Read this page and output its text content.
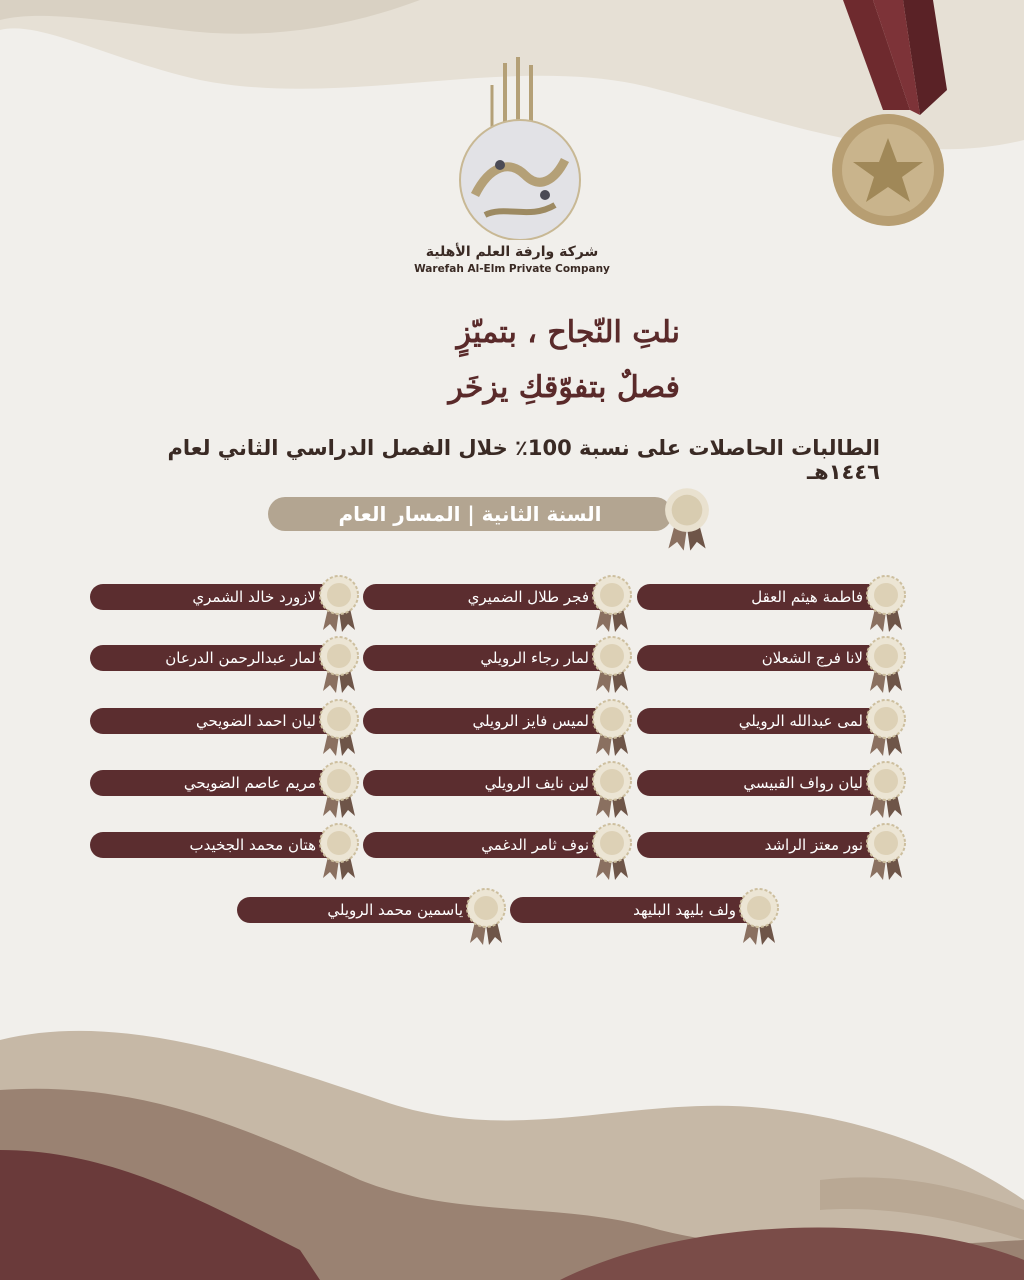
شركة وارفة العلم الأهلية
Warefah Al-Elm Private Company
نلتِ النّجاح ، بتميّزٍ
فصلٌ بتفوّقكِ يزخَر
الطالبات الحاصلات على نسبة 100٪ خلال الفصل الدراسي الثاني لعام ١٤٤٦هـ
السنة الثانية | المسار العام
فاطمة هيثم العقل
لانا فرج الشعلان
لمى عبدالله الرويلي
ليان رواف القبيسي
نور معتز الراشد
فجر طلال الضميري
لمار رجاء الرويلي
لميس فايز الرويلي
لين نايف الرويلي
نوف ثامر الدغمي
لازورد خالد الشمري
لمار عبدالرحمن الدرعان
ليان احمد الضويحي
مريم عاصم الضويحي
هتان محمد الجخيدب
ولف بليهد البليهد
ياسمين محمد الرويلي
